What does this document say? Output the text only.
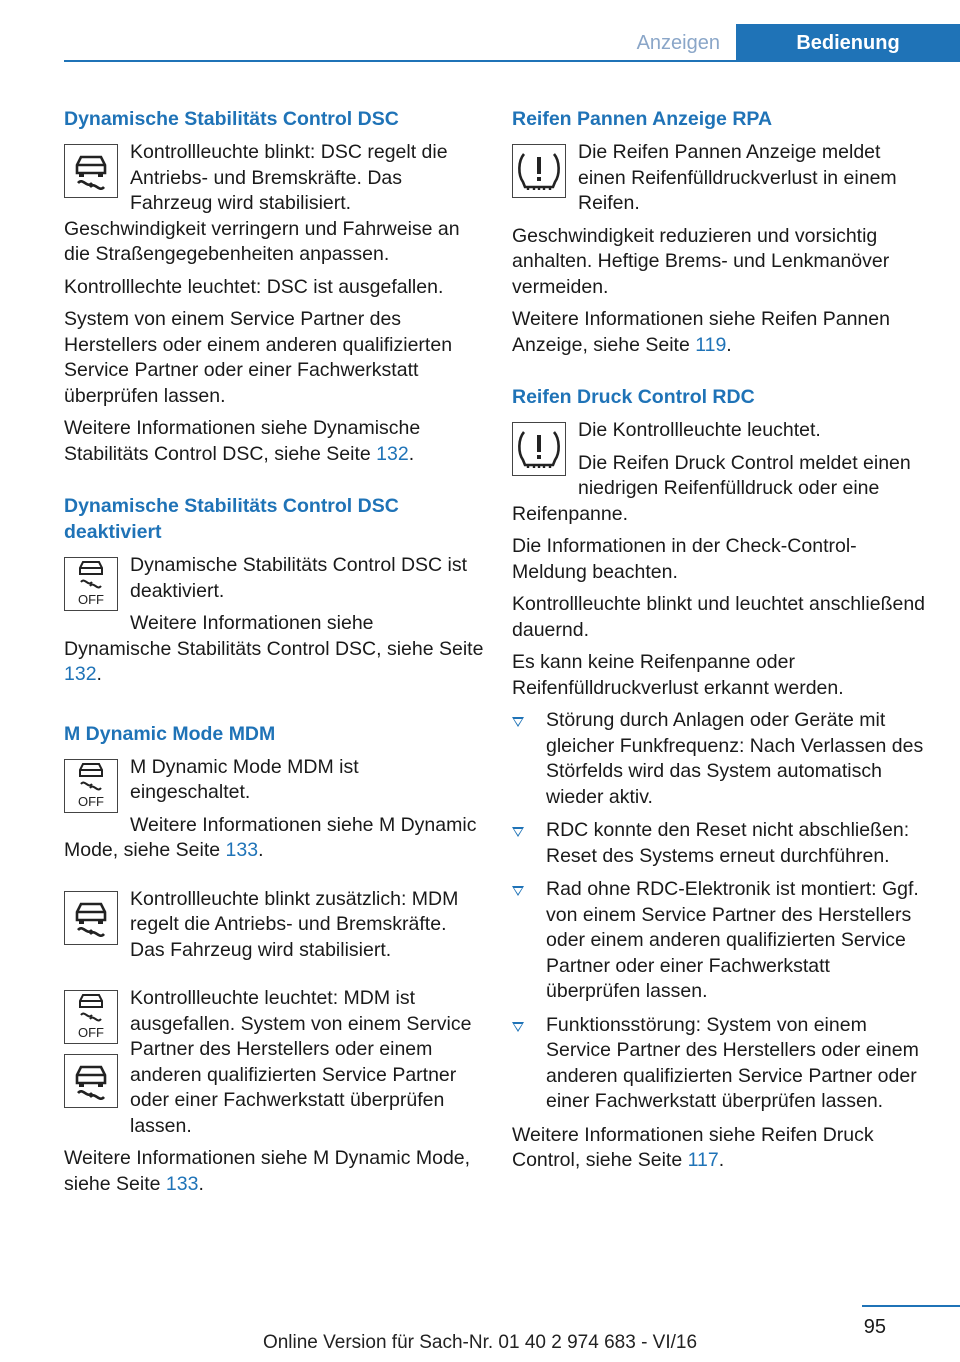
Anzeigen	Bedienung
Dynamische Stabilitäts Control DSC

Kontrollleuchte blinkt: DSC regelt die Antriebs- und Bremskräfte. Das Fahrzeug wird stabilisiert. Geschwindigkeit verringern und Fahrweise an die Straßengegebenheiten anpassen.

Kontrolllechte leuchtet: DSC ist ausgefallen.

System von einem Service Partner des Herstellers oder einem anderen qualifizierten Service Partner oder einer Fachwerkstatt überprüfen lassen.

Weitere Informationen siehe Dynamische Stabilitäts Control DSC, siehe Seite 132.

Dynamische Stabilitäts Control DSC deaktiviert
OFF

Dynamische Stabilitäts Control DSC ist deaktiviert.

Weitere Informationen siehe Dynamische Stabilitäts Control DSC, siehe Seite 132.

M Dynamic Mode MDM
OFF

M Dynamic Mode MDM ist eingeschaltet.

Weitere Informationen siehe M Dynamic Mode, siehe Seite 133.

Kontrollleuchte blinkt zusätzlich: MDM regelt die Antriebs- und Bremskräfte. Das Fahrzeug wird stabilisiert.

OFF

Kontrollleuchte leuchtet: MDM ist ausgefallen. System von einem Service Partner des Herstellers oder einem anderen qualifizierten Service Partner oder einer Fachwerkstatt überprüfen lassen.

Weitere Informationen siehe M Dynamic Mode, siehe Seite 133.

Reifen Pannen Anzeige RPA

Die Reifen Pannen Anzeige meldet einen Reifenfülldruckverlust in einem Reifen.

Geschwindigkeit reduzieren und vorsichtig anhalten. Heftige Brems- und Lenkmanöver vermeiden.

Weitere Informationen siehe Reifen Pannen Anzeige, siehe Seite 119.

Reifen Druck Control RDC

Die Kontrollleuchte leuchtet.

Die Reifen Druck Control meldet einen niedrigen Reifenfülldruck oder eine Reifenpanne.

Die Informationen in der Check-Control-Meldung beachten.

Kontrollleuchte blinkt und leuchtet anschließend dauernd.

Es kann keine Reifenpanne oder Reifenfülldruckverlust erkannt werden.

Störung durch Anlagen oder Geräte mit gleicher Funkfrequenz: Nach Verlassen des Störfelds wird das System automatisch wieder aktiv.
RDC konnte den Reset nicht abschließen: Reset des Systems erneut durchführen.
Rad ohne RDC-Elektronik ist montiert: Ggf. von einem Service Partner des Herstellers oder einem anderen qualifizierten Service Partner oder einer Fachwerkstatt überprüfen lassen.
Funktionsstörung: System von einem Service Partner des Herstellers oder einem anderen qualifizierten Service Partner oder einer Fachwerkstatt überprüfen lassen.

Weitere Informationen siehe Reifen Druck Control, siehe Seite 117.

95
Online Version für Sach-Nr. 01 40 2 974 683 - VI/16
